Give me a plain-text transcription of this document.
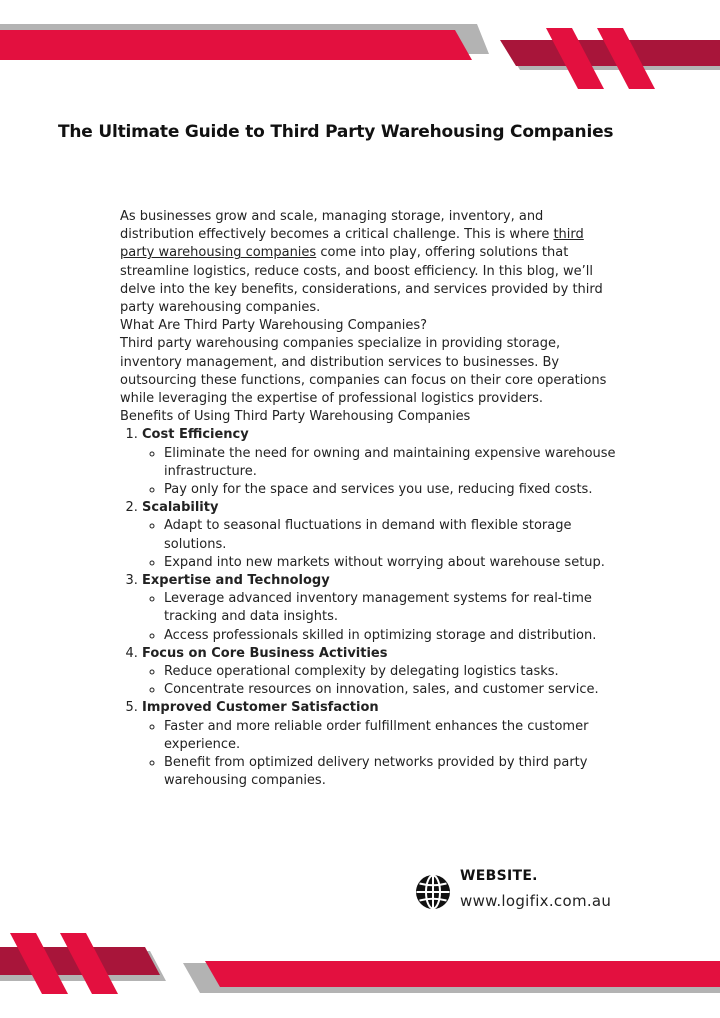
The Ultimate Guide to Third Party Warehousing Companies

As businesses grow and scale, managing storage, inventory, and distribution effectively becomes a critical challenge. This is where third party warehousing companies come into play, offering solutions that streamline logistics, reduce costs, and boost efficiency. In this blog, we’ll delve into the key benefits, considerations, and services provided by third party warehousing companies.

What Are Third Party Warehousing Companies?

Third party warehousing companies specialize in providing storage, inventory management, and distribution services to businesses. By outsourcing these functions, companies can focus on their core operations while leveraging the expertise of professional logistics providers.

Benefits of Using Third Party Warehousing Companies

1. Cost Efficiency
◦ Eliminate the need for owning and maintaining expensive warehouse infrastructure.
◦ Pay only for the space and services you use, reducing fixed costs.
2. Scalability
◦ Adapt to seasonal fluctuations in demand with flexible storage solutions.
◦ Expand into new markets without worrying about warehouse setup.
3. Expertise and Technology
◦ Leverage advanced inventory management systems for real-time tracking and data insights.
◦ Access professionals skilled in optimizing storage and distribution.
4. Focus on Core Business Activities
◦ Reduce operational complexity by delegating logistics tasks.
◦ Concentrate resources on innovation, sales, and customer service.
5. Improved Customer Satisfaction
◦ Faster and more reliable order fulfillment enhances the customer experience.
◦ Benefit from optimized delivery networks provided by third party warehousing companies.
WEBSITE.
www.logifix.com.au
